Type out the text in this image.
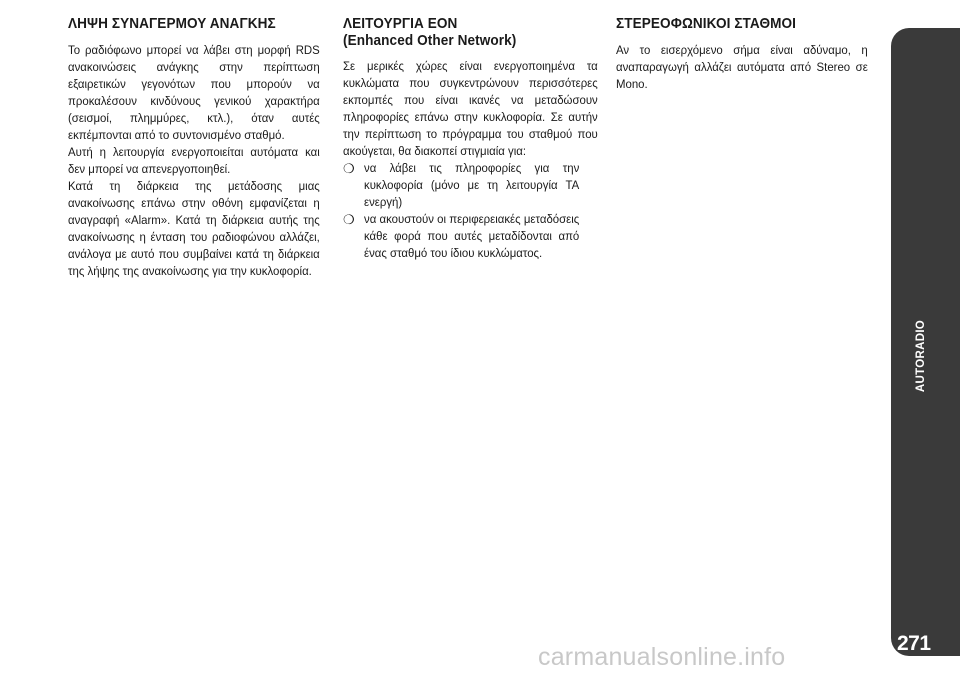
ΛΗΨΗ ΣΥΝΑΓΕΡΜΟΥ ΑΝΑΓΚΗΣ

Το ραδιόφωνο μπορεί να λάβει στη μορφή RDS ανακοινώσεις ανάγκης στην περίπτωση εξαιρετικών γεγονότων που μπορούν να προκαλέσουν κινδύνους γενικού χαρακτήρα (σεισμοί, πλημμύρες, κτλ.), όταν αυτές εκπέμπονται από το συντονισμένο σταθμό.

Αυτή η λειτουργία ενεργοποιείται αυτόματα και δεν μπορεί να απενεργοποιηθεί.

Κατά τη διάρκεια της μετάδοσης μιας ανακοίνωσης επάνω στην οθόνη εμφανίζεται η αναγραφή «Alarm». Κατά τη διάρκεια αυτής της ανακοίνωσης η ένταση του ραδιοφώνου αλλάζει, ανάλογα με αυτό που συμβαίνει κατά τη διάρκεια της λήψης της ανακοίνωσης για την κυκλοφορία.

ΛΕΙΤΟΥΡΓΙΑ EON
(Enhanced Other Network)

Σε μερικές χώρες είναι ενεργοποιημένα τα κυκλώματα που συγκεντρώνουν περισσότερες εκπομπές που είναι ικανές να μεταδώσουν πληροφορίες επάνω στην κυκλοφορία. Σε αυτήν την περίπτωση το πρόγραμμα του σταθμού που ακούγεται, θα διακοπεί στιγμιαία για:

❍ να λάβει τις πληροφορίες για την κυκλοφορία (μόνο με τη λειτουργία TA ενεργή)

❍ να ακουστούν οι περιφερειακές μεταδόσεις κάθε φορά που αυτές μεταδίδονται από ένας σταθμό του ίδιου κυκλώματος.

ΣΤΕΡΕΟΦΩΝΙΚΟΙ ΣΤΑΘΜΟΙ

Αν το εισερχόμενο σήμα είναι αδύναμο, η αναπαραγωγή αλλάζει αυτόματα από Stereo σε Mono.

AUTORADIO
271
carmanualsonline.info
